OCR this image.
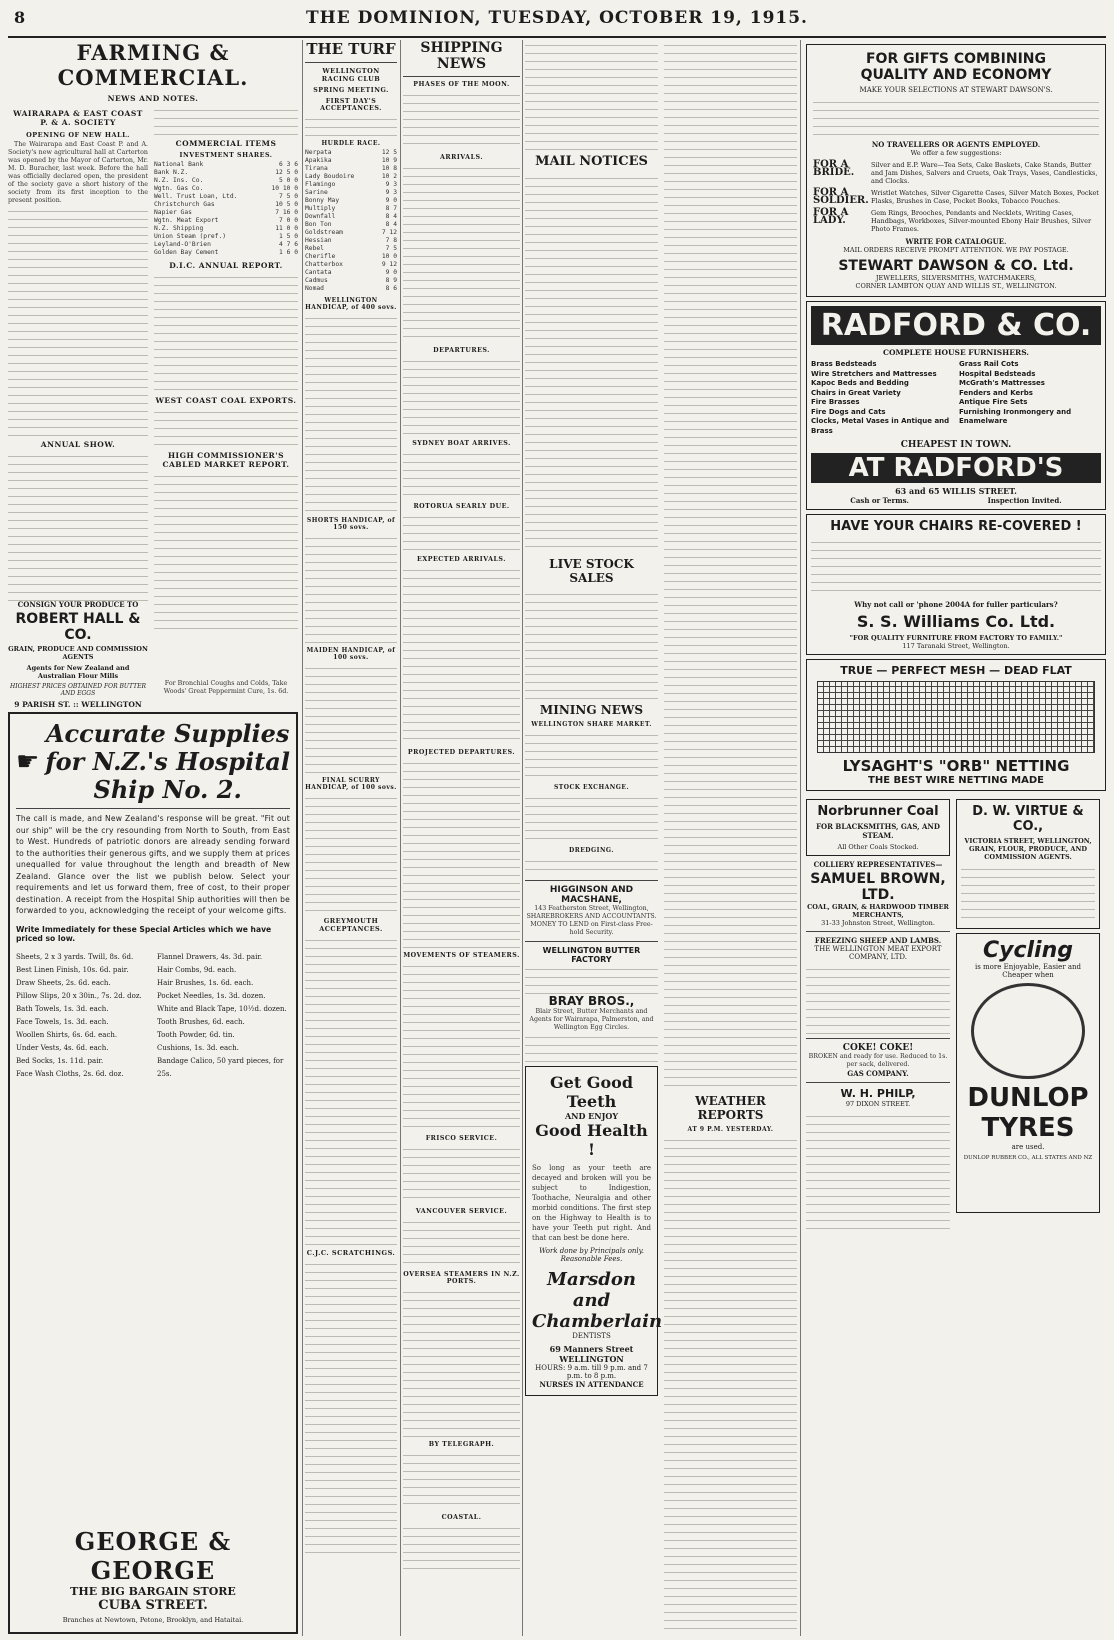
8	THE DOMINION, TUESDAY, OCTOBER 19, 1915.
FARMING & COMMERCIAL.
NEWS AND NOTES.
WAIRARAPA & EAST COAST P. & A. SOCIETY
OPENING OF NEW HALL.

The Wairarapa and East Coast P. and A. Society's new agricultural hall at Carterton was opened by the Mayor of Carterton, Mr. M. D. Buracher, last week. Before the hall was officially declared open, the president of the society gave a short history of the society from its first inception to the present position.

ANNUAL SHOW.
COMMERCIAL ITEMS
INVESTMENT SHARES.
National Bank	6 3 6
Bank N.Z.	12 5 0
N.Z. Ins. Co.	5 0 0
Wgtn. Gas Co.	10 10 0
Well. Trust Loan, Ltd.	7 5 0
Christchurch Gas	10 5 0
Napier Gas	7 16 0
Wgtn. Meat Export	7 0 0
N.Z. Shipping	11 0 0
Union Steam (pref.)	1 5 0
Leyland-O'Brien	4 7 6
Golden Bay Cement	1 6 0
D.I.C. ANNUAL REPORT.
WEST COAST COAL EXPORTS.
HIGH COMMISSIONER'S CABLED MARKET REPORT.
CONSIGN YOUR PRODUCE TO
ROBERT HALL & CO.
GRAIN, PRODUCE AND COMMISSION AGENTS
Agents for New Zealand and Australian Flour Mills
HIGHEST PRICES OBTAINED FOR BUTTER AND EGGS
9 PARISH ST. :: WELLINGTON
For Bronchial Coughs and Colds, Take Woods' Great Peppermint Cure, 1s. 6d.
☛
Accurate Supplies for N.Z.'s Hospital Ship No. 2.
The call is made, and New Zealand's response will be great. "Fit out our ship" will be the cry resounding from North to South, from East to West. Hundreds of patriotic donors are already sending forward to the authorities their generous gifts, and we supply them at prices unequalled for value throughout the length and breadth of New Zealand. Glance over the list we publish below. Select your requirements and let us forward them, free of cost, to their proper destination. A receipt from the Hospital Ship authorities will then be forwarded to you, acknowledging the receipt of your welcome gifts.
Write Immediately for these Special Articles which we have priced so low.
Sheets, 2 x 3 yards. Twill, 8s. 6d.
Best Linen Finish, 10s. 6d. pair.
Draw Sheets, 2s. 6d. each.
Pillow Slips, 20 x 30in., 7s. 2d. doz.
Bath Towels, 1s. 3d. each.
Face Towels, 1s. 3d. each.
Woollen Shirts, 6s. 6d. each.
Under Vests, 4s. 6d. each.
Bed Socks, 1s. 11d. pair.
Face Wash Cloths, 2s. 6d. doz.
Flannel Drawers, 4s. 3d. pair.
Hair Combs, 9d. each.
Hair Brushes, 1s. 6d. each.
Pocket Needles, 1s. 3d. dozen.
White and Black Tape, 10½d. dozen.
Tooth Brushes, 6d. each.
Tooth Powder, 6d. tin.
Cushions, 1s. 3d. each.
Bandage Calico, 50 yard pieces, for 25s.
GEORGE & GEORGE
THE BIG BARGAIN STORE
CUBA STREET.
Branches at Newtown, Petone, Brooklyn, and Hataitai.
THE TURF
WELLINGTON RACING CLUB
SPRING MEETING.
FIRST DAY'S ACCEPTANCES.
HURDLE RACE.
Nerpata	12 5
Apakika	10 9
Tirana	10 8
Lady Boudoire	10 2
Flamingo	9 3
Sarine	9 3
Bonny May	9 0
Multiply	8 7
Downfall	8 4
Bon Ton	8 4
Goldstream	7 12
Hessian	7 8
Rebel	7 5
Cherifle	10 0
Chatterbox	9 12
Cantata	9 0
Cadmus	8 9
Nomad	8 6
WELLINGTON HANDICAP, of 400 sovs.
SHORTS HANDICAP, of 150 sovs.
MAIDEN HANDICAP, of 100 sovs.
FINAL SCURRY HANDICAP, of 100 sovs.
GREYMOUTH ACCEPTANCES.
C.J.C. SCRATCHINGS.
SHIPPING NEWS
PHASES OF THE MOON.
ARRIVALS.
DEPARTURES.
SYDNEY BOAT ARRIVES.
ROTORUA SEARLY DUE.
EXPECTED ARRIVALS.
PROJECTED DEPARTURES.
MOVEMENTS OF STEAMERS.
FRISCO SERVICE.
VANCOUVER SERVICE.
OVERSEA STEAMERS IN N.Z. PORTS.
BY TELEGRAPH.
COASTAL.
MAIL NOTICES
LIVE STOCK SALES
MINING NEWS
WELLINGTON SHARE MARKET.
STOCK EXCHANGE.
DREDGING.
HIGGINSON AND MACSHANE,
143 Featherston Street, Wellington, SHAREBROKERS AND ACCOUNTANTS. MONEY TO LEND on First-class Free-hold Security.
WELLINGTON BUTTER FACTORY
BRAY BROS.,
Blair Street, Butter Merchants and Agents for Wairarapa, Palmerston, and Wellington Egg Circles.
Get Good Teeth
AND ENJOY
Good Health !
So long as your teeth are decayed and broken will you be subject to Indigestion, Toothache, Neuralgia and other morbid conditions. The first step on the Highway to Health is to have your Teeth put right. And that can best be done here.
Work done by Principals only. Reasonable Fees.
Marsdon and
Chamberlain
DENTISTS
69 Manners Street WELLINGTON
HOURS: 9 a.m. till 9 p.m. and 7 p.m. to 8 p.m.
NURSES IN ATTENDANCE
WEATHER REPORTS
AT 9 P.M. YESTERDAY.
FOR GIFTS COMBINING
QUALITY AND ECONOMY
MAKE YOUR SELECTIONS AT STEWART DAWSON'S.
NO TRAVELLERS OR AGENTS EMPLOYED.
We offer a few suggestions:
FOR A BRIDE.
Silver and E.P. Ware—Tea Sets, Cake Baskets, Cake Stands, Butter and Jam Dishes, Salvers and Cruets, Oak Trays, Vases, Candlesticks, and Clocks.
FOR A SOLDIER.
Wristlet Watches, Silver Cigarette Cases, Silver Match Boxes, Pocket Flasks, Brushes in Case, Pocket Books, Tobacco Pouches.
FOR A LADY.
Gem Rings, Brooches, Pendants and Necklets, Writing Cases, Handbags, Workboxes, Silver-mounted Ebony Hair Brushes, Silver Photo Frames.
WRITE FOR CATALOGUE.
MAIL ORDERS RECEIVE PROMPT ATTENTION. WE PAY POSTAGE.
STEWART DAWSON & CO. Ltd.
JEWELLERS, SILVERSMITHS, WATCHMAKERS,
CORNER LAMBTON QUAY AND WILLIS ST., WELLINGTON.
RADFORD & CO.
COMPLETE HOUSE FURNISHERS.
Brass Bedsteads
Wire Stretchers and Mattresses
Kapoc Beds and Bedding
Chairs in Great Variety
Fire Brasses
Fire Dogs and Cats
Clocks, Metal Vases in Antique and Brass
Grass Rail Cots
Hospital Bedsteads
McGrath's Mattresses
Fenders and Kerbs
Antique Fire Sets
Furnishing Ironmongery and Enamelware
CHEAPEST IN TOWN.
AT RADFORD'S
63 and 65 WILLIS STREET.
Cash or Terms.	Inspection Invited.
HAVE YOUR CHAIRS RE-COVERED !
Why not call or 'phone 2004A for fuller particulars?
S. S. Williams Co. Ltd.
"FOR QUALITY FURNITURE FROM FACTORY TO FAMILY."
117 Taranaki Street, Wellington.
TRUE — PERFECT MESH — DEAD FLAT
LYSAGHT'S "ORB" NETTING
THE BEST WIRE NETTING MADE
Norbrunner Coal
FOR BLACKSMITHS, GAS, AND STEAM.
All Other Coals Stocked.
COLLIERY REPRESENTATIVES—
SAMUEL BROWN, LTD.
COAL, GRAIN, & HARDWOOD TIMBER MERCHANTS,
31-33 Johnston Street, Wellington.
FREEZING SHEEP AND LAMBS.
THE WELLINGTON MEAT EXPORT COMPANY, LTD.
COKE! COKE!
BROKEN and ready for use. Reduced to 1s. per sack, delivered.
GAS COMPANY.
W. H. PHILP,
97 DIXON STREET.
D. W. VIRTUE & CO.,
VICTORIA STREET, WELLINGTON, GRAIN, FLOUR, PRODUCE, AND COMMISSION AGENTS.
Cycling
is more Enjoyable, Easier and Cheaper when
DUNLOP
TYRES
are used.
DUNLOP RUBBER CO., ALL STATES AND NZ
